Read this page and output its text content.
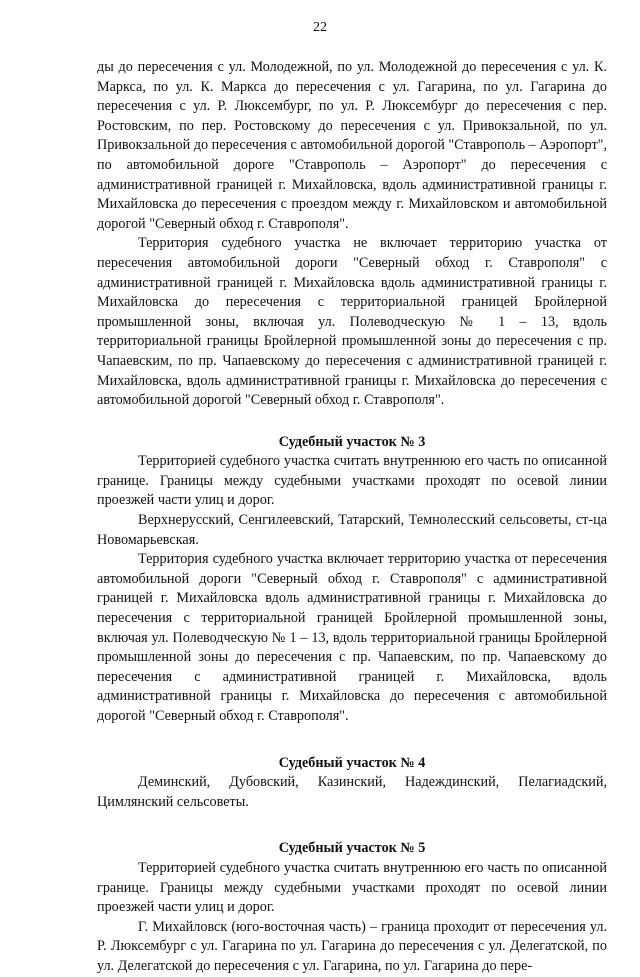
22

ды до пересечения с ул. Молодежной, по ул. Молодежной до пересечения с ул. К. Маркса, по ул. К. Маркса до пересечения с ул. Гагарина, по ул. Гагарина до пересечения с ул. Р. Люксембург, по ул. Р. Люксембург до пересечения с пер. Ростовским, по пер. Ростовскому до пересечения с ул. Привокзальной, по ул. Привокзальной до пересечения с автомобильной дорогой "Ставрополь – Аэропорт", по автомобильной дороге "Ставрополь – Аэропорт" до пересечения с административной границей г. Михайловска, вдоль административной границы г. Михайловска до пересечения с проездом между г. Михайловском и автомобильной дорогой "Северный обход г. Ставрополя".

Территория судебного участка не включает территорию участка от пересечения автомобильной дороги "Северный обход г. Ставрополя" с административной границей г. Михайловска вдоль административной границы г. Михайловска до пересечения с территориальной границей Бройлерной промышленной зоны, включая ул. Полеводческую № 1 – 13, вдоль территориальной границы Бройлерной промышленной зоны до пересечения с пр. Чапаевским, по пр. Чапаевскому до пересечения с административной границей г. Михайловска, вдоль административной границы г. Михайловска до пересечения с автомобильной дорогой "Северный обход г. Ставрополя".

Судебный участок № 3

Территорией судебного участка считать внутреннюю его часть по описанной границе. Границы между судебными участками проходят по осевой линии проезжей части улиц и дорог.

Верхнерусский, Сенгилеевский, Татарский, Темнолесский сельсоветы, ст-ца Новомарьевская.

Территория судебного участка включает территорию участка от пересечения автомобильной дороги "Северный обход г. Ставрополя" с административной границей г. Михайловска вдоль административной границы г. Михайловска до пересечения с территориальной границей Бройлерной промышленной зоны, включая ул. Полеводческую № 1 – 13, вдоль территориальной границы Бройлерной промышленной зоны до пересечения с пр. Чапаевским, по пр. Чапаевскому до пересечения с административной границей г. Михайловска, вдоль административной границы г. Михайловска до пересечения с автомобильной дорогой "Северный обход г. Ставрополя".

Судебный участок № 4

Деминский, Дубовский, Казинский, Надеждинский, Пелагиадский, Цимлянский сельсоветы.

Судебный участок № 5

Территорией судебного участка считать внутреннюю его часть по описанной границе. Границы между судебными участками проходят по осевой линии проезжей части улиц и дорог.

Г. Михайловск (юго-восточная часть) – граница проходит от пересечения ул. Р. Люксембург с ул. Гагарина по ул. Гагарина до пересечения с ул. Делегатской, по ул. Делегатской до пересечения с ул. Гагарина, по ул. Гагарина до пере-
